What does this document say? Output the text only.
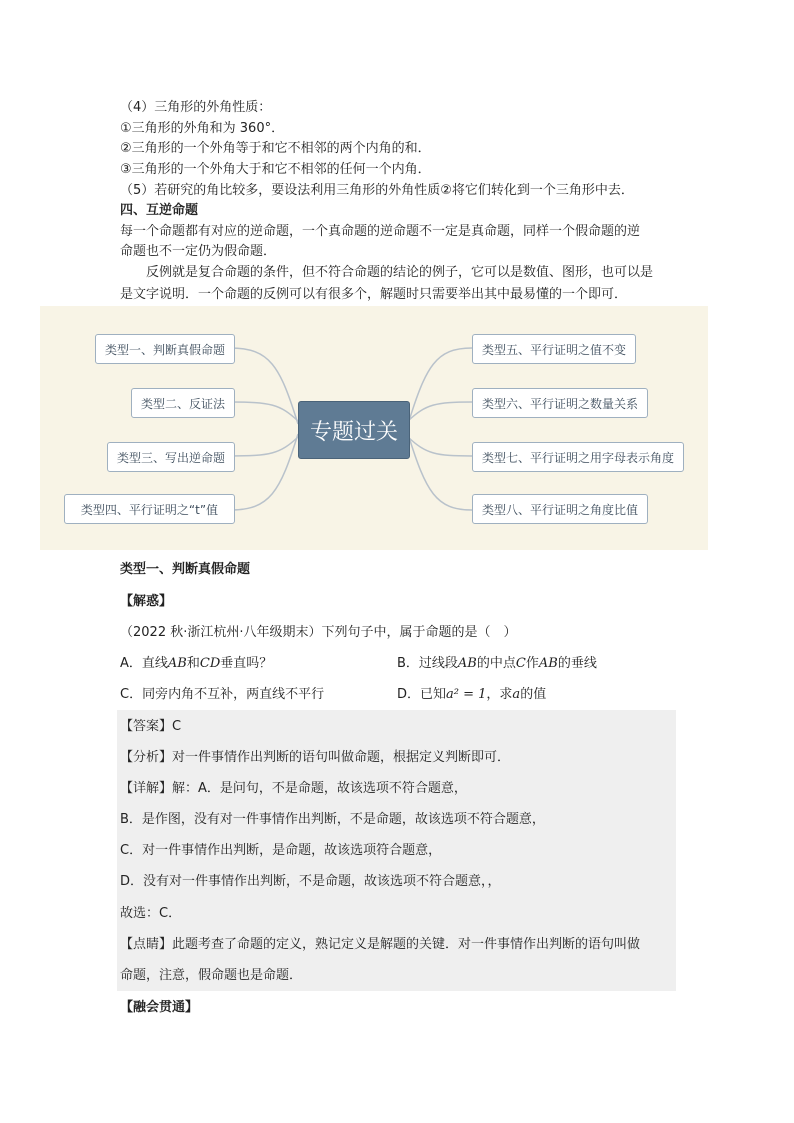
（4）三角形的外角性质：
①三角形的外角和为 360°．
②三角形的一个外角等于和它不相邻的两个内角的和．
③三角形的一个外角大于和它不相邻的任何一个内角．
（5）若研究的角比较多，要设法利用三角形的外角性质②将它们转化到一个三角形中去．
四、互逆命题
每一个命题都有对应的逆命题，一个真命题的逆命题不一定是真命题，同样一个假命题的逆
命题也不一定仍为假命题．
反例就是复合命题的条件，但不符合命题的结论的例子，它可以是数值、图形，也可以是
是文字说明．一个命题的反例可以有很多个，解题时只需要举出其中最易懂的一个即可．
类型一、判断真假命题
类型二、反证法
类型三、写出逆命题
类型四、平行证明之“t”值
专题过关
类型五、平行证明之值不变
类型六、平行证明之数量关系
类型七、平行证明之用字母表示角度
类型八、平行证明之角度比值
类型一、判断真假命题
【解惑】
（2022 秋·浙江杭州·八年级期末）下列句子中，属于命题的是（　）
A．直线AB和CD垂直吗？	B．过线段AB的中点C作AB的垂线
C．同旁内角不互补，两直线不平行	D．已知a² = 1，求a的值
【答案】C
【分析】对一件事情作出判断的语句叫做命题，根据定义判断即可．
【详解】解：A．是问句，不是命题，故该选项不符合题意，
B．是作图，没有对一件事情作出判断，不是命题，故该选项不符合题意，
C．对一件事情作出判断，是命题，故该选项符合题意，
D．没有对一件事情作出判断，不是命题，故该选项不符合题意，，
故选：C．
【点睛】此题考查了命题的定义，熟记定义是解题的关键．对一件事情作出判断的语句叫做
命题，注意，假命题也是命题．
【融会贯通】
